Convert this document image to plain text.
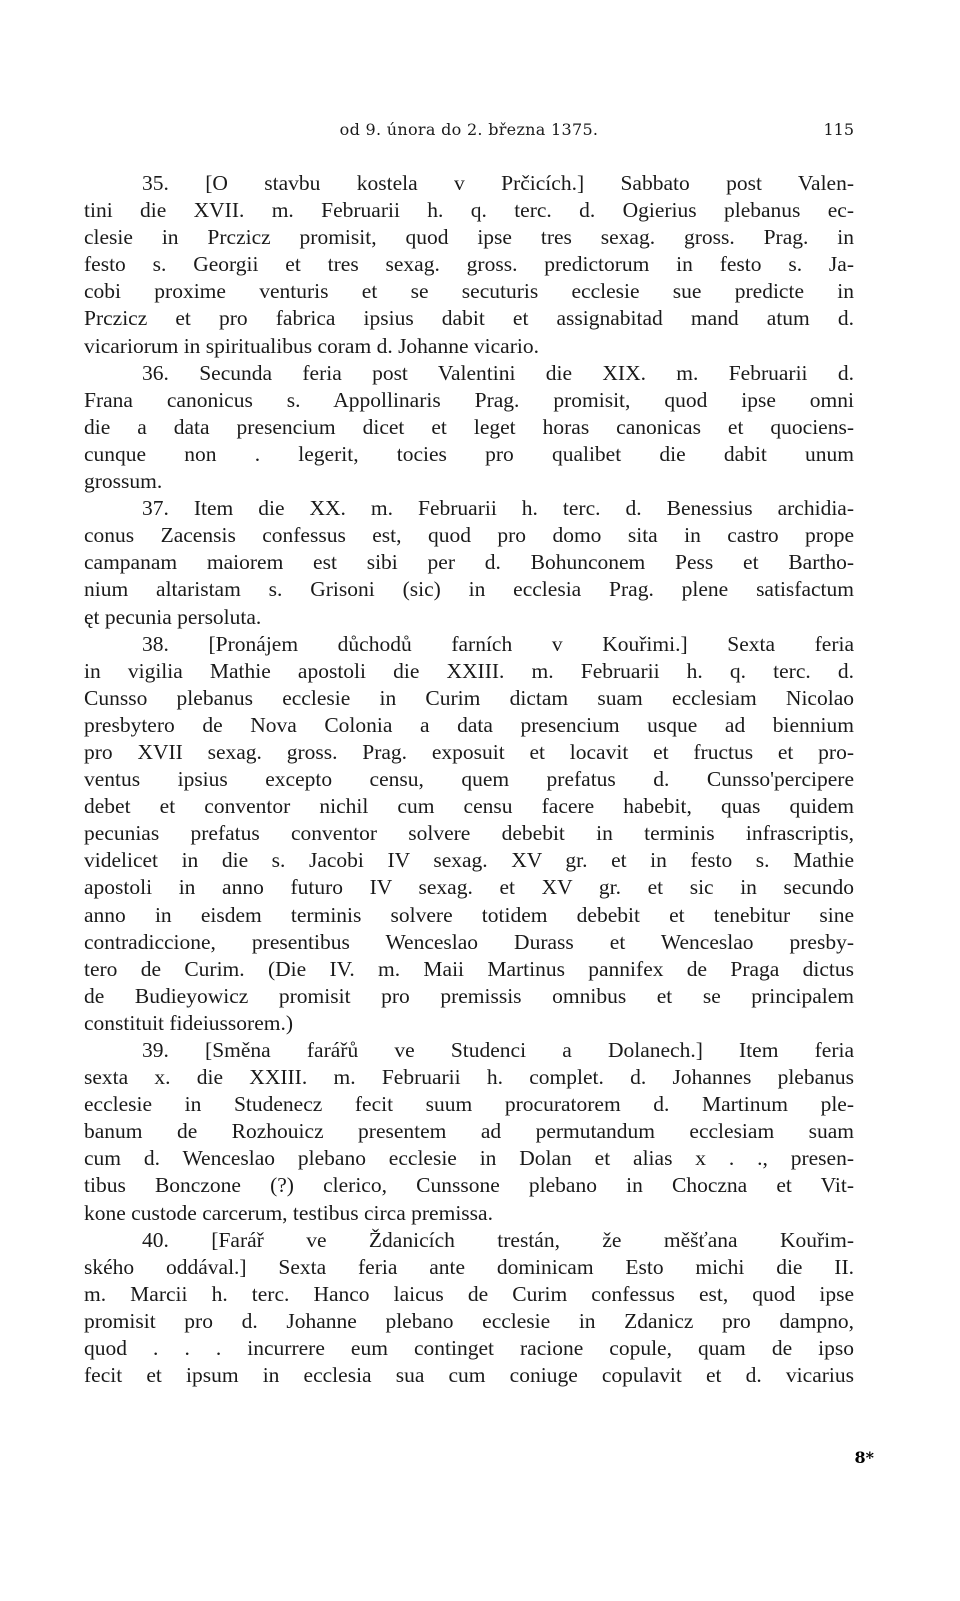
od 9. února do 2. března 1375.	115
35. [O stavbu kostela v Prčicích.] Sabbato post Valen-
tini die XVII. m. Februarii h. q. terc. d. Ogierius plebanus ec-
clesie in Prczicz promisit, quod ipse tres sexag. gross. Prag. in
festo s. Georgii et tres sexag. gross. predictorum in festo s. Ja-
cobi proxime venturis et se secuturis ecclesie sue predicte in
Prczicz et pro fabrica ipsius dabit et assignabitad mand atum d.
vicariorum in spiritualibus coram d. Johanne vicario.
36. Secunda feria post Valentini die XIX. m. Februarii d.
Frana canonicus s. Appollinaris Prag. promisit, quod ipse omni
die a data presencium dicet et leget horas canonicas et quociens-
cunque non . legerit, tocies pro qualibet die dabit unum
grossum.
37. Item die XX. m. Februarii h. terc. d. Benessius archidia-
conus Zacensis confessus est, quod pro domo sita in castro prope
campanam maiorem est sibi per d. Bohunconem Pess et Bartho-
nium altaristam s. Grisoni (sic) in ecclesia Prag. plene satisfactum
ęt pecunia persoluta.
38. [Pronájem důchodů farních v Kouřimi.] Sexta feria
in vigilia Mathie apostoli die XXIII. m. Februarii h. q. terc. d.
Cunsso plebanus ecclesie in Curim dictam suam ecclesiam Nicolao
presbytero de Nova Colonia a data presencium usque ad biennium
pro XVII sexag. gross. Prag. exposuit et locavit et fructus et pro-
ventus ipsius excepto censu, quem prefatus d. Cunsso'percipere
debet et conventor nichil cum censu facere habebit, quas quidem
pecunias prefatus conventor solvere debebit in terminis infrascriptis,
videlicet in die s. Jacobi IV sexag. XV gr. et in festo s. Mathie
apostoli in anno futuro IV sexag. et XV gr. et sic in secundo
anno in eisdem terminis solvere totidem debebit et tenebitur sine
contradiccione, presentibus Wenceslao Durass et Wenceslao presby-
tero de Curim. (Die IV. m. Maii Martinus pannifex de Praga dictus
de Budieyowicz promisit pro premissis omnibus et se principalem
constituit fideiussorem.)
39. [Směna farářů ve Studenci a Dolanech.] Item feria
sexta x. die XXIII. m. Februarii h. complet. d. Johannes plebanus
ecclesie in Studenecz fecit suum procuratorem d. Martinum ple-
banum de Rozhouicz presentem ad permutandum ecclesiam suam
cum d. Wenceslao plebano ecclesie in Dolan et alias x . ., presen-
tibus Bonczone (?) clerico, Cunssone plebano in Choczna et Vit-
kone custode carcerum, testibus circa premissa.
40. [Farář ve Ždanicích trestán, že měšťana Kouřim-
ského oddával.] Sexta feria ante dominicam Esto michi die II.
m. Marcii h. terc. Hanco laicus de Curim confessus est, quod ipse
promisit pro d. Johanne plebano ecclesie in Zdanicz pro dampno,
quod . . . incurrere eum continget racione copule, quam de ipso
fecit et ipsum in ecclesia sua cum coniuge copulavit et d. vicarius
8*
